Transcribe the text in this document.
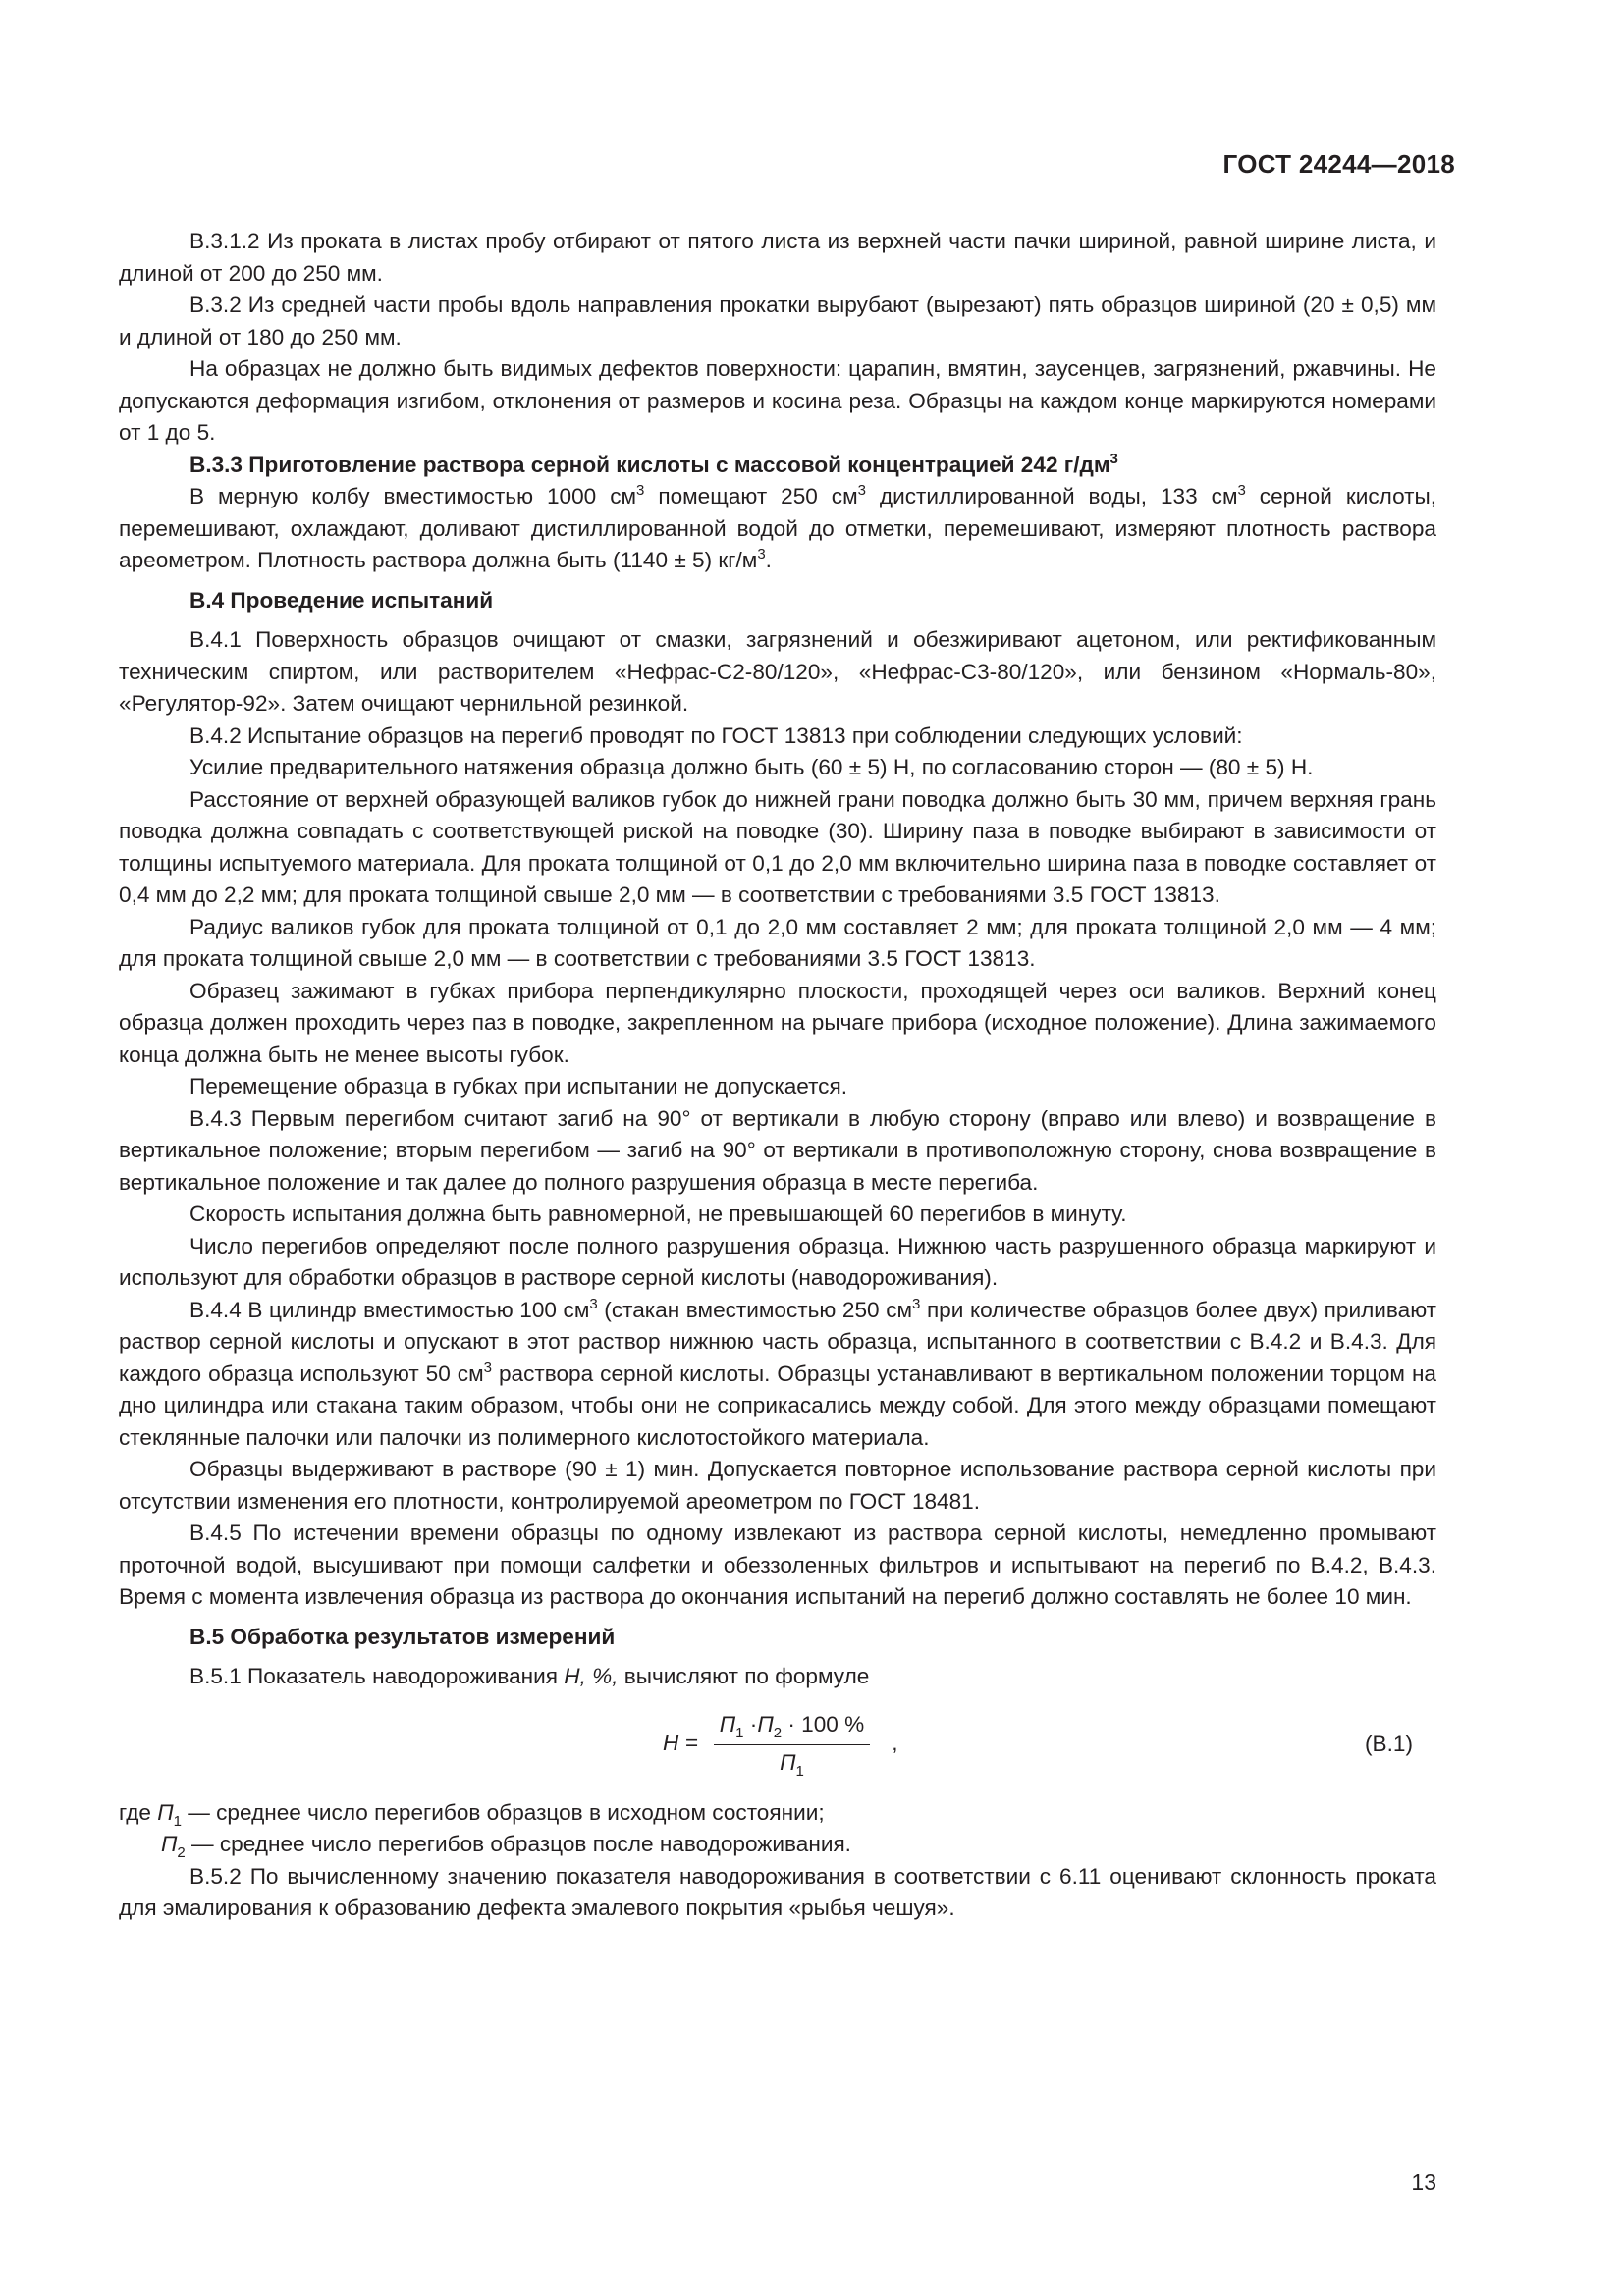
ГОСТ 24244—2018

В.3.1.2 Из проката в листах пробу отбирают от пятого листа из верхней части пачки шириной, равной ширине листа, и длиной от 200 до 250 мм.

В.3.2 Из средней части пробы вдоль направления прокатки вырубают (вырезают) пять образцов шириной (20 ± 0,5) мм и длиной от 180 до 250 мм.

На образцах не должно быть видимых дефектов поверхности: царапин, вмятин, заусенцев, загрязнений, ржавчины. Не допускаются деформация изгибом, отклонения от размеров и косина реза. Образцы на каждом конце маркируются номерами от 1 до 5.

В.3.3 Приготовление раствора серной кислоты с массовой концентрацией 242 $г/дм^3$

В мерную колбу вместимостью 1000 $см^3$ помещают 250 $см^3$ дистиллированной воды, 133 $см^3$ серной кислоты, перемешивают, охлаждают, доливают дистиллированной водой до отметки, перемешивают, измеряют плотность раствора ареометром. Плотность раствора должна быть (1140 ± 5) $кг/м^3$.

В.4 Проведение испытаний

В.4.1 Поверхность образцов очищают от смазки, загрязнений и обезжиривают ацетоном, или ректификованным техническим спиртом, или растворителем «Нефрас-С2-80/120», «Нефрас-С3-80/120», или бензином «Нормаль-80», «Регулятор-92». Затем очищают чернильной резинкой.

В.4.2 Испытание образцов на перегиб проводят по ГОСТ 13813 при соблюдении следующих условий:

Усилие предварительного натяжения образца должно быть (60 ± 5) Н, по согласованию сторон — (80 ± 5) Н.

Расстояние от верхней образующей валиков губок до нижней грани поводка должно быть 30 мм, причем верхняя грань поводка должна совпадать с соответствующей риской на поводке (30). Ширину паза в поводке выбирают в зависимости от толщины испытуемого материала. Для проката толщиной от 0,1 до 2,0 мм включительно ширина паза в поводке составляет от 0,4 мм до 2,2 мм; для проката толщиной свыше 2,0 мм — в соответствии с требованиями 3.5 ГОСТ 13813.

Радиус валиков губок для проката толщиной от 0,1 до 2,0 мм составляет 2 мм; для проката толщиной 2,0 мм — 4 мм; для проката толщиной свыше 2,0 мм — в соответствии с требованиями 3.5 ГОСТ 13813.

Образец зажимают в губках прибора перпендикулярно плоскости, проходящей через оси валиков. Верхний конец образца должен проходить через паз в поводке, закрепленном на рычаге прибора (исходное положение). Длина зажимаемого конца должна быть не менее высоты губок.

Перемещение образца в губках при испытании не допускается.

В.4.3 Первым перегибом считают загиб на 90° от вертикали в любую сторону (вправо или влево) и возвращение в вертикальное положение; вторым перегибом — загиб на 90° от вертикали в противоположную сторону, снова возвращение в вертикальное положение и так далее до полного разрушения образца в месте перегиба.

Скорость испытания должна быть равномерной, не превышающей 60 перегибов в минуту.

Число перегибов определяют после полного разрушения образца. Нижнюю часть разрушенного образца маркируют и используют для обработки образцов в растворе серной кислоты (наводороживания).

В.4.4 В цилиндр вместимостью 100 $см^3$ (стакан вместимостью 250 $см^3$ при количестве образцов более двух) приливают раствор серной кислоты и опускают в этот раствор нижнюю часть образца, испытанного в соответствии с В.4.2 и В.4.3. Для каждого образца используют 50 $см^3$ раствора серной кислоты. Образцы устанавливают в вертикальном положении торцом на дно цилиндра или стакана таким образом, чтобы они не соприкасались между собой. Для этого между образцами помещают стеклянные палочки или палочки из полимерного кислотостойкого материала.

Образцы выдерживают в растворе (90 ± 1) мин. Допускается повторное использование раствора серной кислоты при отсутствии изменения его плотности, контролируемой ареометром по ГОСТ 18481.

В.4.5 По истечении времени образцы по одному извлекают из раствора серной кислоты, немедленно промывают проточной водой, высушивают при помощи салфетки и обеззоленных фильтров и испытывают на перегиб по В.4.2, В.4.3. Время с момента извлечения образца из раствора до окончания испытаний на перегиб должно составлять не более 10 мин.

В.5 Обработка результатов измерений

В.5.1 Показатель наводороживания Н, %, вычисляют по формуле

$Н = \frac{П_1 \cdot П_2 \cdot 100 \%}{П_1}$ ,	(В.1)

где $П_1$ — среднее число перегибов образцов в исходном состоянии;

$П_2$ — среднее число перегибов образцов после наводороживания.

В.5.2 По вычисленному значению показателя наводороживания в соответствии с 6.11 оценивают склонность проката для эмалирования к образованию дефекта эмалевого покрытия «рыбья чешуя».

13
